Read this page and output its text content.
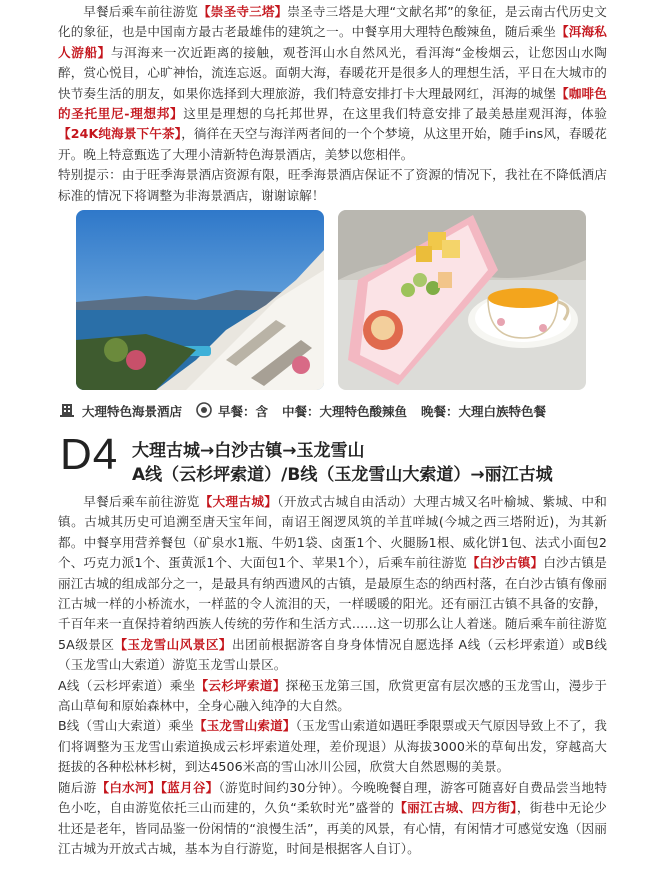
早餐后乘车前往游览【崇圣寺三塔】崇圣寺三塔是大理“文献名邦”的象征，是云南古代历史文化的象征，也是中国南方最古老最雄伟的建筑之一。中餐享用大理特色酸辣鱼，随后乘坐【洱海私人游船】与洱海来一次近距离的接触，观苍洱山水自然风光，看洱海“金梭烟云，让您因山水陶醉，赏心悦目，心旷神怡，流连忘返。面朝大海，春暖花开是很多人的理想生活，平日在大城市的快节奏生活的朋友，如果你选择到大理旅游，我们特意安排打卡大理最网红，洱海的城堡【咖啡色的圣托里尼-理想邦】这里是理想的乌托邦世界，在这里我们特意安排了最美悬崖观洱海，体验【24K纯海景下午茶】，徜徉在天空与海洋两者间的一个个梦境，从这里开始，随手ins风，春暖花开。晚上特意甄选了大理小清新特色海景酒店，美梦以您相伴。

特别提示：由于旺季海景酒店资源有限，旺季海景酒店保证不了资源的情况下，我社在不降低酒店标准的情况下将调整为非海景酒店，谢谢谅解！

大理特色海景酒店	早餐：含 中餐：大理特色酸辣鱼 晚餐：大理白族特色餐
D4 大理古城→白沙古镇→玉龙雪山
A线（云杉坪索道）/B线（玉龙雪山大索道）→丽江古城

早餐后乘车前往游览【大理古城】（开放式古城自由活动）大理古城又名叶榆城、紫城、中和镇。古城其历史可追溯至唐天宝年间，南诏王阁逻凤筑的羊苴咩城(今城之西三塔附近)，为其新都。中餐享用营养餐包（矿泉水1瓶、牛奶1袋、卤蛋1个、火腿肠1根、威化饼1包、法式小面包2个、巧克力派1个、蛋黄派1个、大面包1个、苹果1个），后乘车前往游览【白沙古镇】白沙古镇是丽江古城的组成部分之一，是最具有纳西遗风的古镇，是最原生态的纳西村落，在白沙古镇有像丽江古城一样的小桥流水，一样蓝的令人流泪的天，一样暖暖的阳光。还有丽江古镇不具备的安静，千百年来一直保持着纳西族人传统的劳作和生活方式……这一切那么让人着迷。随后乘车前往游览5A级景区【玉龙雪山风景区】出团前根据游客自身身体情况自愿选择 A线（云杉坪索道）或B线（玉龙雪山大索道）游览玉龙雪山景区。

A线（云杉坪索道）乘坐【云杉坪索道】探秘玉龙第三国，欣赏更富有层次感的玉龙雪山，漫步于高山草甸和原始森林中，全身心融入纯净的大自然。

B线（雪山大索道）乘坐【玉龙雪山索道】（玉龙雪山索道如遇旺季限票或天气原因导致上不了，我们将调整为玉龙雪山索道换成云杉坪索道处理，差价现退）从海拔3000米的草甸出发，穿越高大挺拔的各种松林杉树，到达4506米高的雪山冰川公园，欣赏大自然恩赐的美景。

随后游【白水河】【蓝月谷】（游览时间约30分钟）。今晚晚餐自理，游客可随喜好自费品尝当地特色小吃，自由游览依托三山而建的，久负“柔软时光”盛誉的【丽江古城、四方街】，街巷中无论少壮还是老年，皆同品鉴一份闲情的“浪慢生活”，再美的风景，有心情，有闲情才可感觉安逸（因丽江古城为开放式古城，基本为自行游览，时间是根据客人自订）。
